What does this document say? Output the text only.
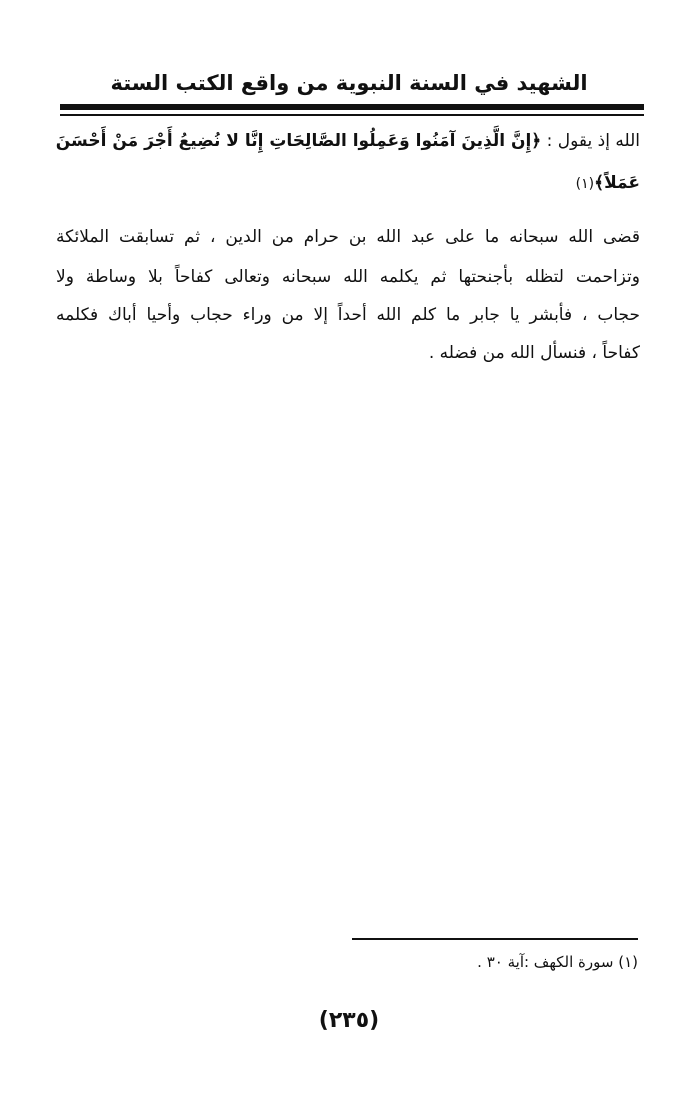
الشهيد في السنة النبوية من واقع الكتب الستة
الله إذ يقول : ﴿إِنَّ الَّذِينَ آمَنُوا وَعَمِلُوا الصَّالِحَاتِ إِنَّا لا نُضِيعُ أَجْرَ مَنْ أَحْسَنَ
عَمَلاً﴾(١)
قضى الله سبحانه ما على عبد الله بن حرام من الدين ، ثم تسابقت الملائكة
وتزاحمت لتظله بأجنحتها ثم يكلمه الله سبحانه وتعالى كفاحاً بلا وساطة ولا
حجاب ، فأبشر يا جابر ما كلم الله أحداً إلا من وراء حجاب وأحيا أباك فكلمه
كفاحاً ، فنسأل الله من فضله .
(١) سورة الكهف :آية ٣٠ .
(٢٣٥)
